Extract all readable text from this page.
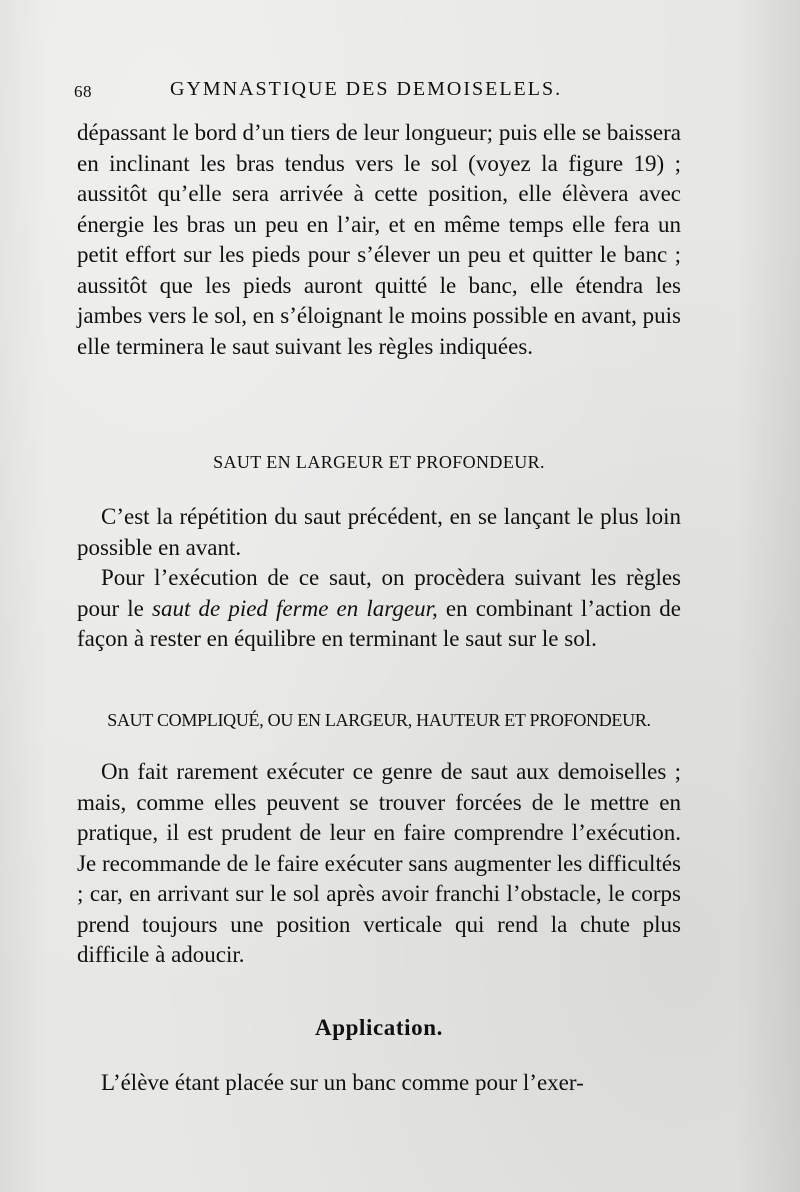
68	GYMNASTIQUE DES DEMOISELELS.

dépassant le bord d’un tiers de leur longueur; puis elle se baissera en inclinant les bras tendus vers le sol (voyez la figure 19) ; aussitôt qu’elle sera arrivée à cette position, elle élèvera avec énergie les bras un peu en l’air, et en même temps elle fera un petit effort sur les pieds pour s’élever un peu et quitter le banc ; aussitôt que les pieds auront quitté le banc, elle étendra les jambes vers le sol, en s’éloignant le moins possible en avant, puis elle terminera le saut suivant les règles indiquées.

SAUT EN LARGEUR ET PROFONDEUR.

C’est la répétition du saut précédent, en se lançant le plus loin possible en avant.

Pour l’exécution de ce saut, on procèdera suivant les règles pour le saut de pied ferme en largeur, en combinant l’action de façon à rester en équilibre en terminant le saut sur le sol.

SAUT COMPLIQUÉ, OU EN LARGEUR, HAUTEUR ET PROFONDEUR.

On fait rarement exécuter ce genre de saut aux demoiselles ; mais, comme elles peuvent se trouver forcées de le mettre en pratique, il est prudent de leur en faire comprendre l’exécution. Je recommande de le faire exécuter sans augmenter les difficultés ; car, en arrivant sur le sol après avoir franchi l’obstacle, le corps prend toujours une position verticale qui rend la chute plus difficile à adoucir.

Application.

L’élève étant placée sur un banc comme pour l’exer-
